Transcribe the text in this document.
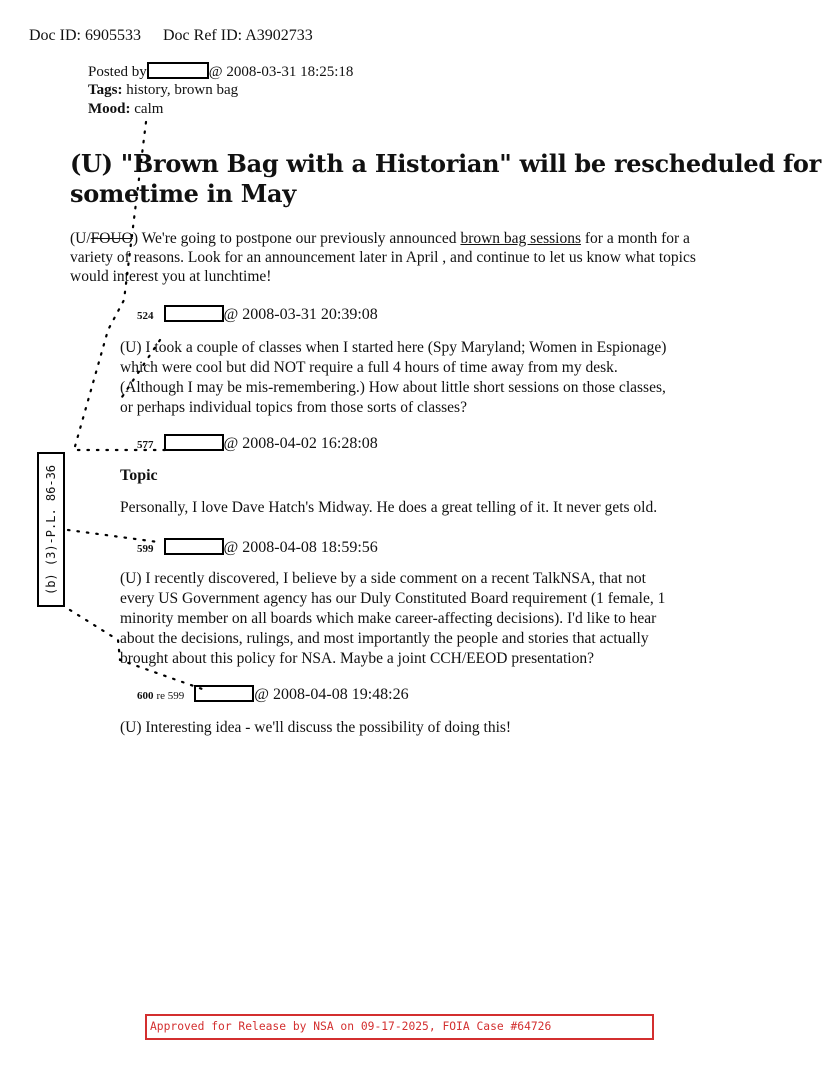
Doc ID: 6905533 Doc Ref ID: A3902733
Posted by	@ 2008-03-31 18:25:18
Tags: history, brown bag
Mood: calm
(U) "Brown Bag with a Historian" will be rescheduled for
sometime in May
(U/FOUO) We're going to postpone our previously announced brown bag sessions for a month for a
variety of reasons. Look for an announcement later in April , and continue to let us know what topics
would interest you at lunchtime!
524	@ 2008-03-31 20:39:08
(U) I took a couple of classes when I started here (Spy Maryland; Women in Espionage)
which were cool but did NOT require a full 4 hours of time away from my desk.
(Although I may be mis-remembering.) How about little short sessions on those classes,
or perhaps individual topics from those sorts of classes?
577	@ 2008-04-02 16:28:08
Topic
Personally, I love Dave Hatch's Midway. He does a great telling of it. It never gets old.
599	@ 2008-04-08 18:59:56
(U) I recently discovered, I believe by a side comment on a recent TalkNSA, that not
every US Government agency has our Duly Constituted Board requirement (1 female, 1
minority member on all boards which make career-affecting decisions). I'd like to hear
about the decisions, rulings, and most importantly the people and stories that actually
brought about this policy for NSA. Maybe a joint CCH/EEOD presentation?
600 re 599	@ 2008-04-08 19:48:26
(U) Interesting idea - we'll discuss the possibility of doing this!
(b) (3)-P.L. 86-36
Approved for Release by NSA on 09-17-2025, FOIA Case #64726
